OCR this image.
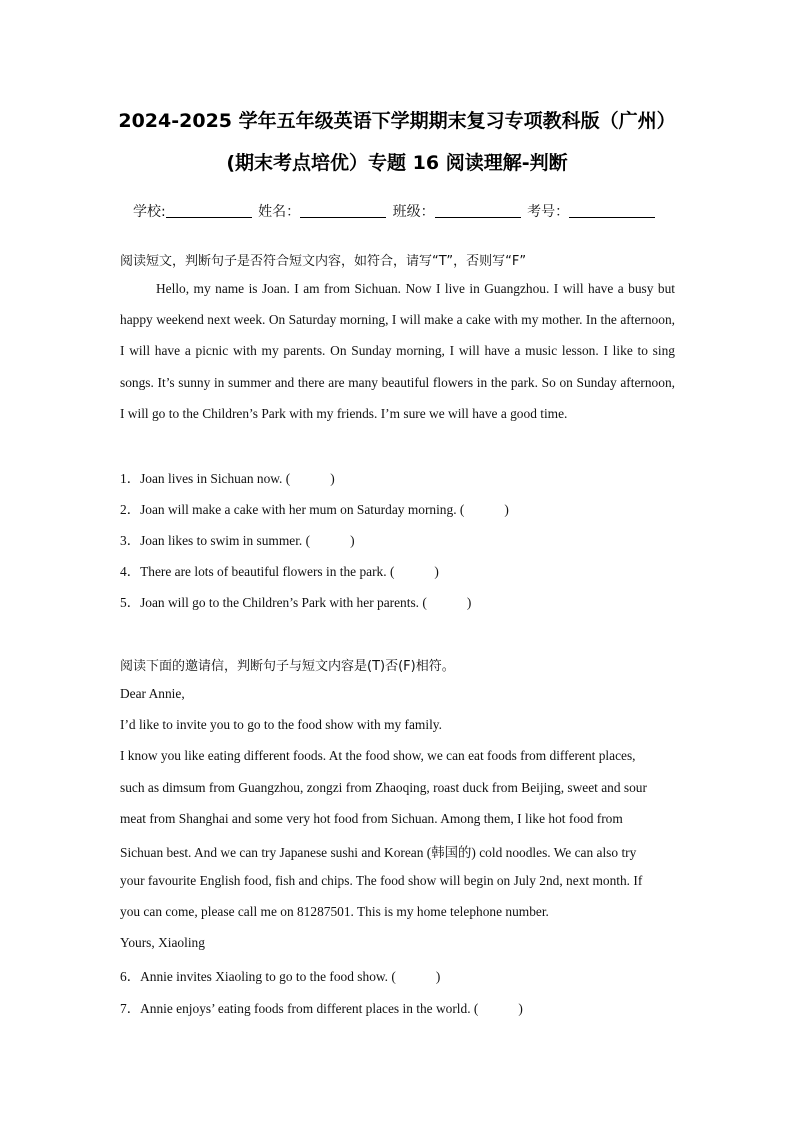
2024-2025 学年五年级英语下学期期末复习专项教科版（广州）
(期末考点培优）专题 16 阅读理解-判断
学校:	姓名：	班级：	考号：
阅读短文，判断句子是否符合短文内容，如符合，请写“T”，否则写“F”
Hello, my name is Joan. I am from Sichuan. Now I live in Guangzhou. I will have a busy but happy weekend next week. On Saturday morning, I will make a cake with my mother. In the afternoon, I will have a picnic with my parents. On Sunday morning, I will have a music lesson. I like to sing songs. It’s sunny in summer and there are many beautiful flowers in the park. So on Sunday afternoon, I will go to the Children’s Park with my friends. I’m sure we will have a good time.
1．Joan lives in Sichuan now. (	)
2．Joan will make a cake with her mum on Saturday morning. (	)
3．Joan likes to swim in summer. (	)
4．There are lots of beautiful flowers in the park. (	)
5．Joan will go to the Children’s Park with her parents. (	)
阅读下面的邀请信，判断句子与短文内容是(T)否(F)相符。
Dear Annie,
I’d like to invite you to go to the food show with my family.
I know you like eating different foods. At the food show, we can eat foods from different places,
such as dimsum from Guangzhou, zongzi from Zhaoqing, roast duck from Beijing, sweet and sour
meat from Shanghai and some very hot food from Sichuan. Among them, I like hot food from
Sichuan best. And we can try Japanese sushi and Korean (韩国的) cold noodles. We can also try
your favourite English food, fish and chips. The food show will begin on July 2nd, next month. If
you can come, please call me on 81287501. This is my home telephone number.
Yours, Xiaoling
6．Annie invites Xiaoling to go to the food show. (	)
7．Annie enjoys’ eating foods from different places in the world. (	)
